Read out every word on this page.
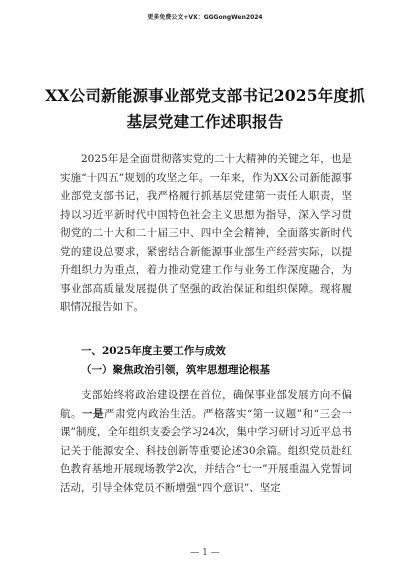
更多免费公文+VX：GGGongWen2024
XX公司新能源事业部党支部书记2025年度抓基层党建工作述职报告
2025年是全面贯彻落实党的二十大精神的关键之年，也是实施“十四五”规划的攻坚之年。一年来，作为XX公司新能源事业部党支部书记，我严格履行抓基层党建第一责任人职责，坚持以习近平新时代中国特色社会主义思想为指导，深入学习贯彻党的二十大和二十届三中、四中全会精神，全面落实新时代党的建设总要求，紧密结合新能源事业部生产经营实际，以提升组织力为重点，着力推动党建工作与业务工作深度融合，为事业部高质量发展提供了坚强的政治保证和组织保障。现将履职情况报告如下。
一、2025年度主要工作与成效
（一）聚焦政治引领，筑牢思想理论根基
支部始终将政治建设摆在首位，确保事业部发展方向不偏航。一是严肃党内政治生活。严格落实“第一议题”和“三会一课”制度，全年组织支委会学习24次，集中学习研讨习近平总书记关于能源安全、科技创新等重要论述30余篇。组织党员赴红色教育基地开展现场教学2次，并结合“七一”开展重温入党誓词活动，引导全体党员不断增强“四个意识”、坚定
— 1 —
